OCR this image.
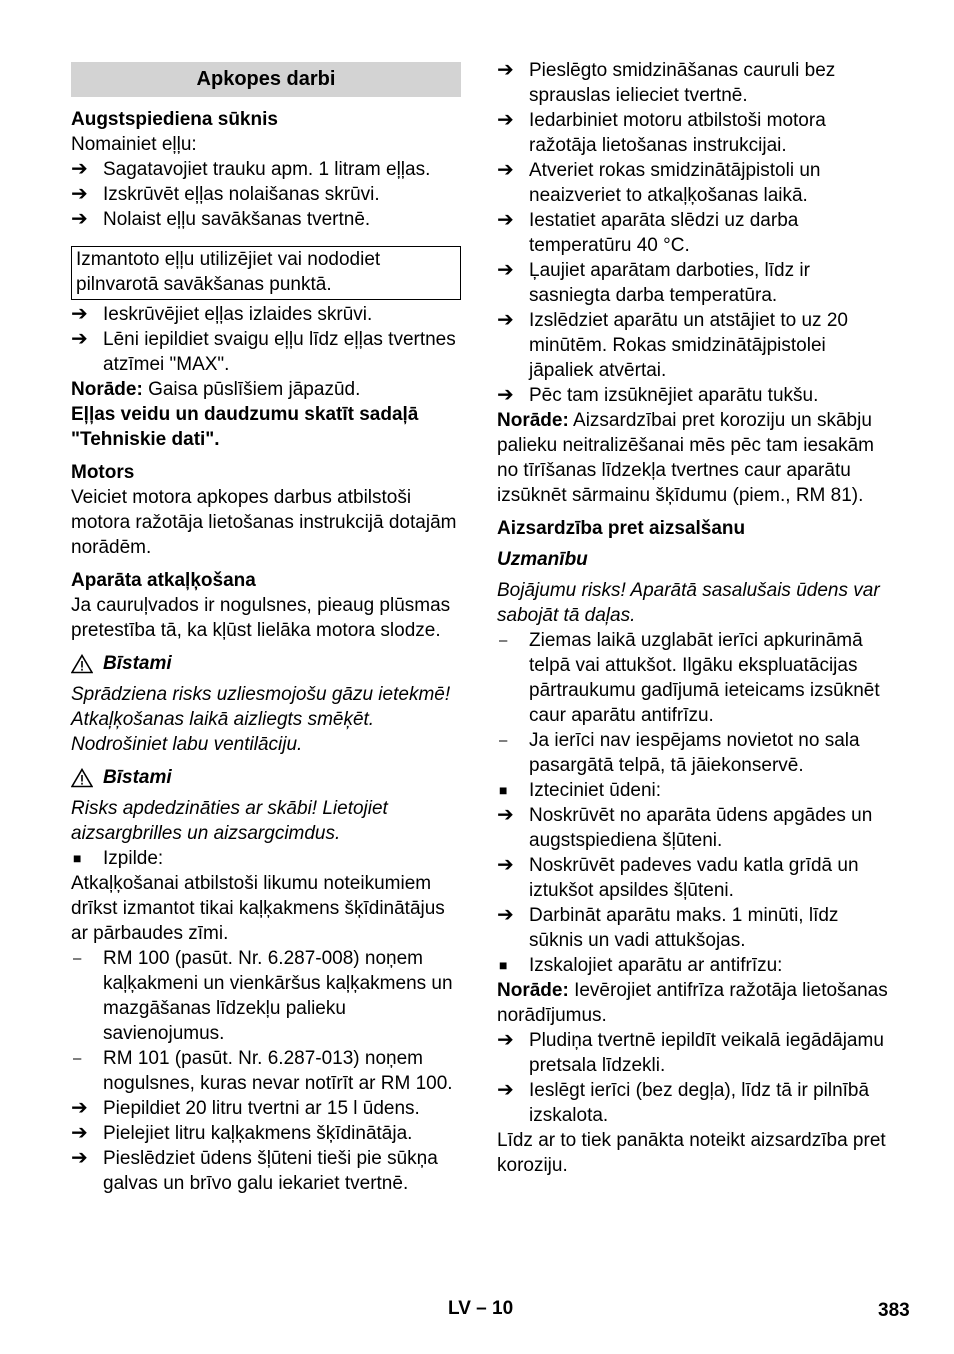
Apkopes darbi
Augstspiediena sūknis
Nomainiet eļļu:
➔ Sagatavojiet trauku apm. 1 litram eļļas.
➔ Izskrūvēt eļļas nolaišanas skrūvi.
➔ Nolaist eļļu savākšanas tvertnē.
Izmantoto eļļu utilizējiet vai nododiet pilnvarotā savākšanas punktā.
➔ Ieskrūvējiet eļļas izlaides skrūvi.
➔ Lēni iepildiet svaigu eļļu līdz eļļas tvertnes atzīmei "MAX".
Norāde: Gaisa pūslīšiem jāpazūd.
Eļļas veidu un daudzumu skatīt sadaļā "Tehniskie dati".
Motors
Veiciet motora apkopes darbus atbilstoši motora ražotāja lietošanas instrukcijā dotajām norādēm.
Aparāta atkaļķošana
Ja cauruļvados ir nogulsnes, pieaug plūsmas pretestība tā, ka kļūst lielāka motora slodze.
Bīstami
Sprādziena risks uzliesmojošu gāzu ietekmē! Atkaļķošanas laikā aizliegts smēķēt. Nodrošiniet labu ventilāciju.
Bīstami
Risks apdedzināties ar skābi! Lietojiet aizsargbrilles un aizsargcimdus.
■	Izpilde:
Atkaļķošanai atbilstoši likumu noteikumiem drīkst izmantot tikai kaļķakmens šķīdinātājus ar pārbaudes zīmi.
–	RM 100 (pasūt. Nr. 6.287-008) noņem kaļķakmeni un vienkāršus kaļķakmens un mazgāšanas līdzekļu palieku savienojumus.
–	RM 101 (pasūt. Nr. 6.287-013) noņem nogulsnes, kuras nevar notīrīt ar RM 100.
➔ Piepildiet 20 litru tvertni ar 15 l ūdens.
➔ Pielejiet litru kaļķakmens šķīdinātāja.
➔ Pieslēdziet ūdens šļūteni tieši pie sūkņa galvas un brīvo galu iekariet tvertnē.
➔ Pieslēgto smidzināšanas cauruli bez sprauslas ielieciet tvertnē.
➔ Iedarbiniet motoru atbilstoši motora ražotāja lietošanas instrukcijai.
➔ Atveriet rokas smidzinātājpistoli un neaizveriet to atkaļķošanas laikā.
➔ Iestatiet aparāta slēdzi uz darba temperatūru 40 °C.
➔ Ļaujiet aparātam darboties, līdz ir sasniegta darba temperatūra.
➔ Izslēdziet aparātu un atstājiet to uz 20 minūtēm. Rokas smidzinātājpistolei jāpaliek atvērtai.
➔ Pēc tam izsūknējiet aparātu tukšu.
Norāde: Aizsardzībai pret koroziju un skābju palieku neitralizēšanai mēs pēc tam iesakām no tīrīšanas līdzekļa tvertnes caur aparātu izsūknēt sārmainu šķīdumu (piem., RM 81).
Aizsardzība pret aizsalšanu
Uzmanību
Bojājumu risks! Aparātā sasalušais ūdens var sabojāt tā daļas.
–	Ziemas laikā uzglabāt ierīci apkurināmā telpā vai attukšot. Ilgāku ekspluatācijas pārtraukumu gadījumā ieteicams izsūknēt caur aparātu antifrīzu.
–	Ja ierīci nav iespējams novietot no sala pasargātā telpā, tā jāiekonservē.
■	Izteciniet ūdeni:
➔ Noskrūvēt no aparāta ūdens apgādes un augstspiediena šļūteni.
➔ Noskrūvēt padeves vadu katla grīdā un iztukšot apsildes šļūteni.
➔ Darbināt aparātu maks. 1 minūti, līdz sūknis un vadi attukšojas.
■	Izskalojiet aparātu ar antifrīzu:
Norāde: Ievērojiet antifrīza ražotāja lietošanas norādījumus.
➔ Pludiņa tvertnē iepildīt veikalā iegādājamu pretsala līdzekli.
➔ Ieslēgt ierīci (bez degļa), līdz tā ir pilnībā izskalota.
Līdz ar to tiek panākta noteikt aizsardzība pret koroziju.
LV – 10	383
